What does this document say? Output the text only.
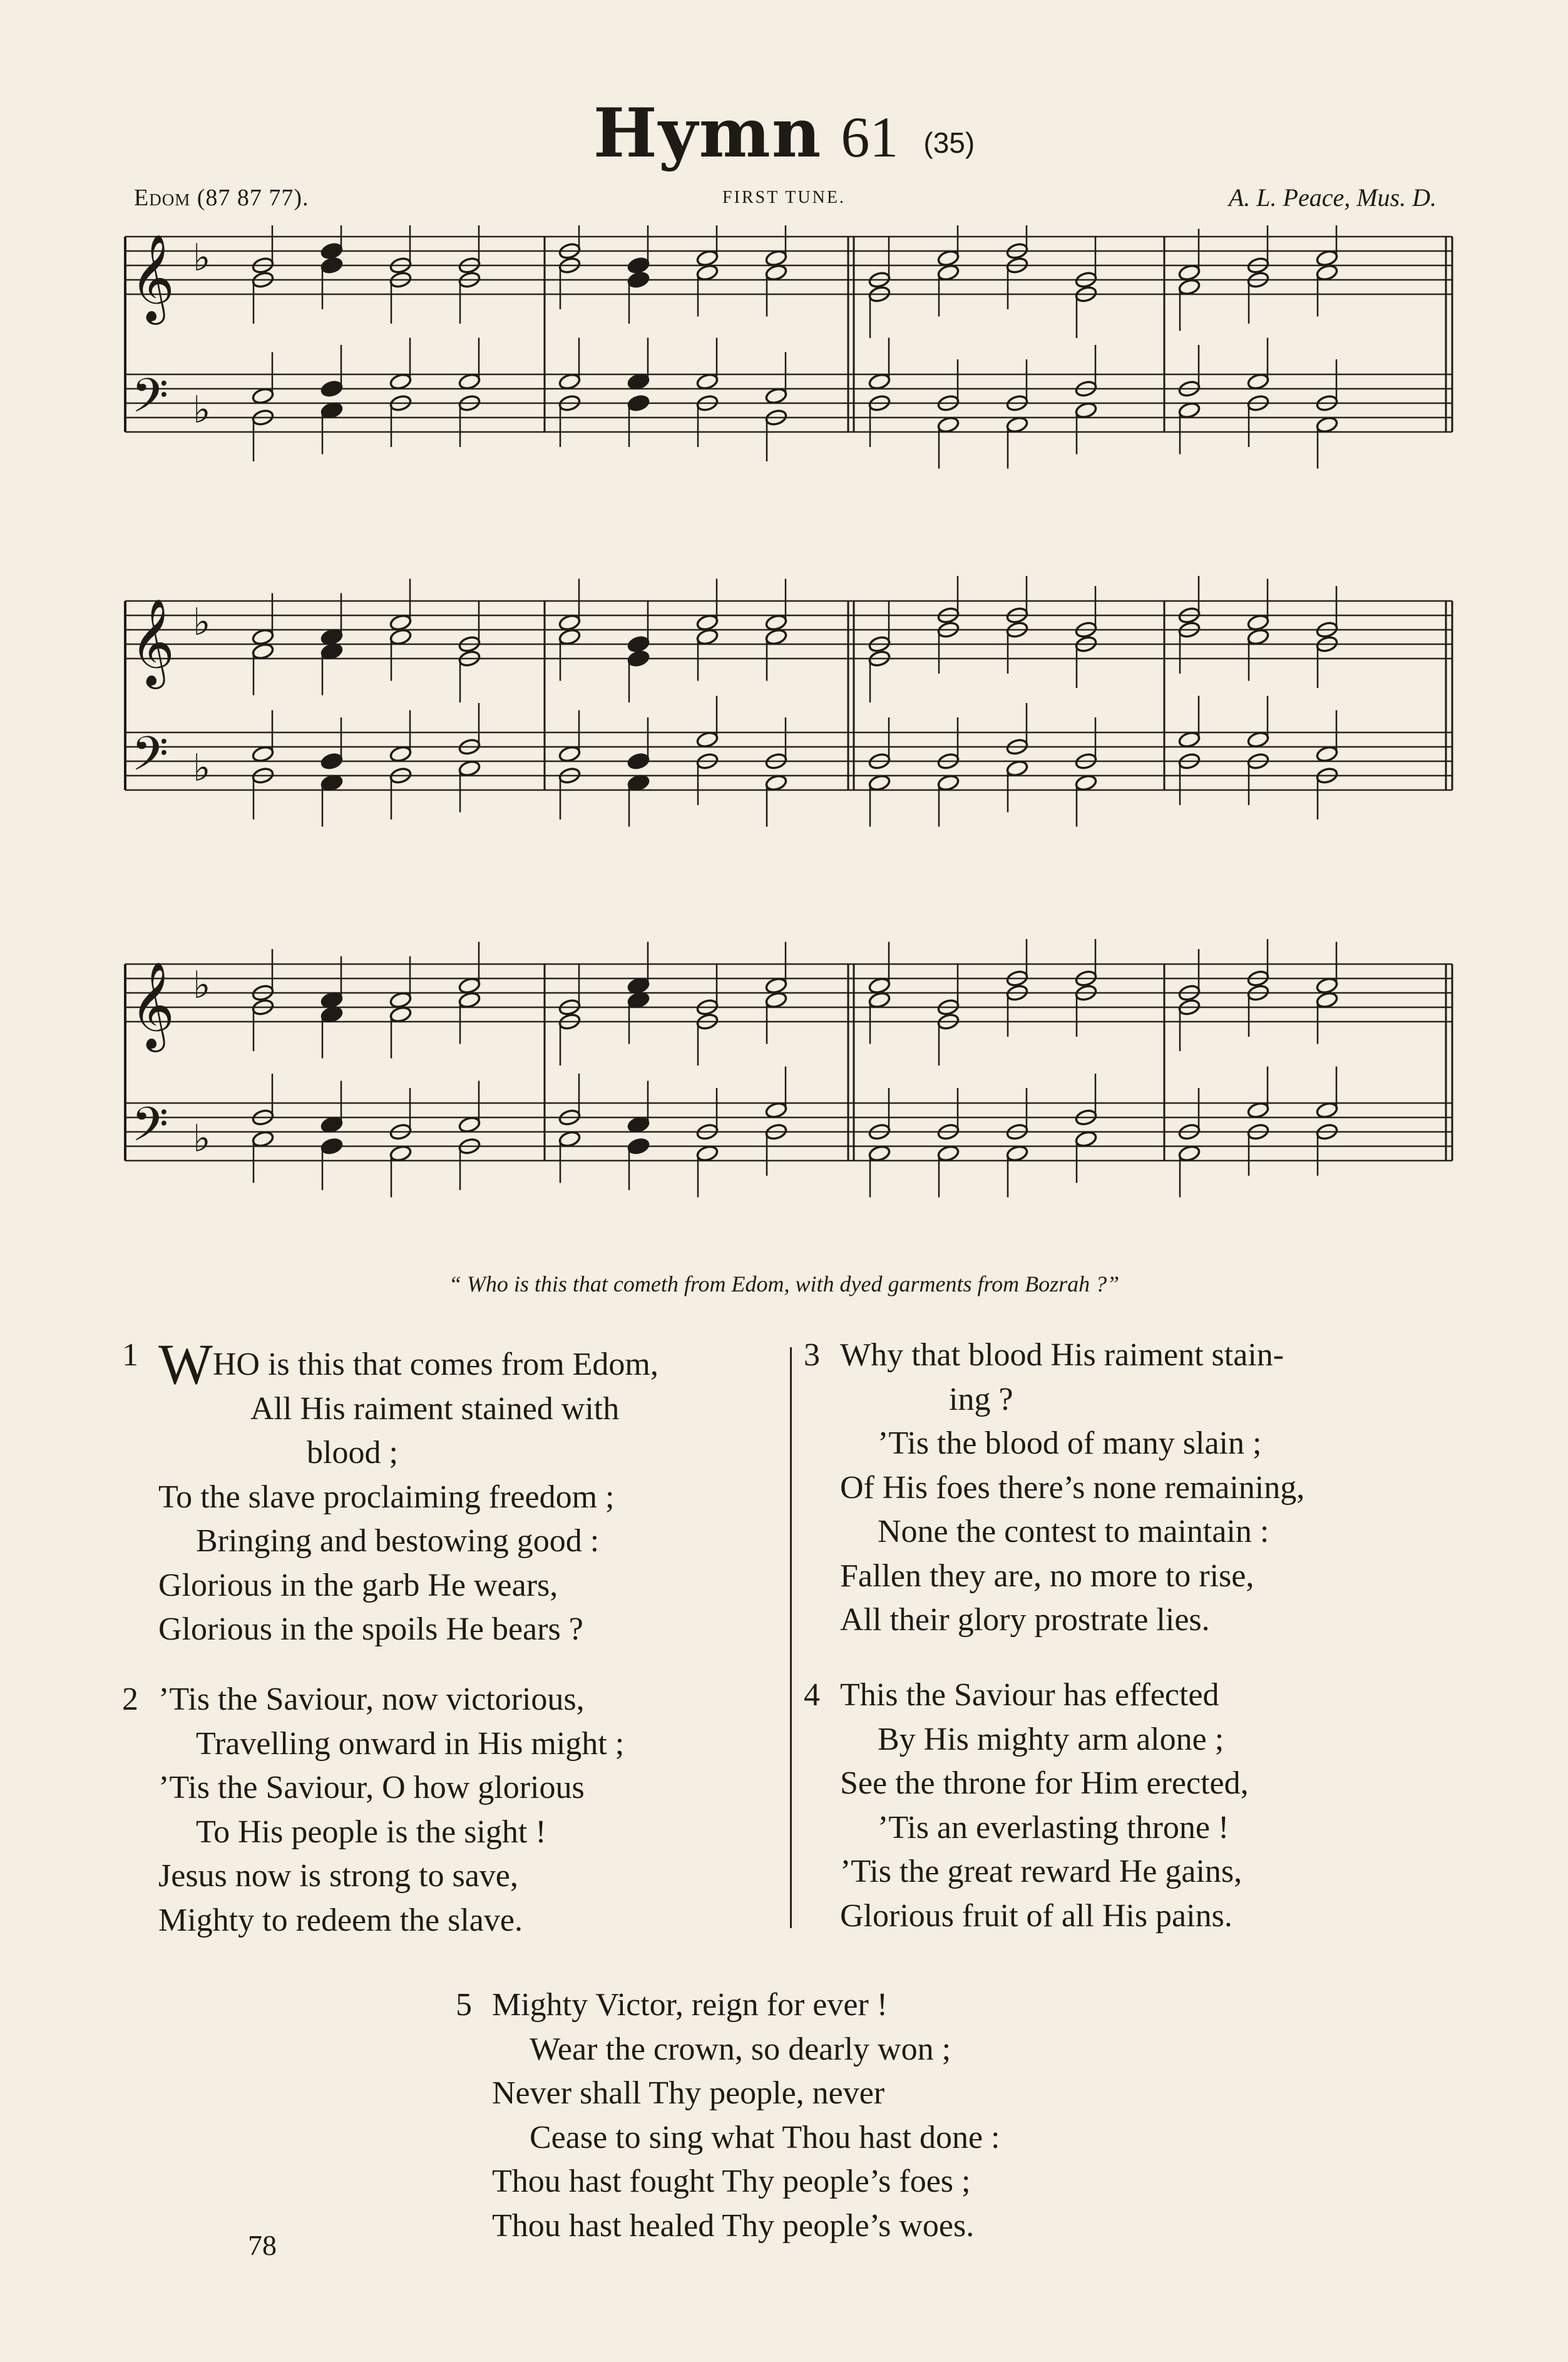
Hymn 61 (35)
Edom (87 87 77).	FIRST TUNE.	A. L. Peace, Mus. D.
𝄞
𝄢
♭
♭
𝄞
𝄢
♭
♭
𝄞
𝄢
♭
♭
“ Who is this that cometh from Edom, with dyed garments from Bozrah ?”
1 WHO is this that comes from Edom,
All His raiment stained with
blood ;
To the slave proclaiming freedom ;
Bringing and bestowing good :
Glorious in the garb He wears,
Glorious in the spoils He bears ?
2 ’Tis the Saviour, now victorious,
Travelling onward in His might ;
’Tis the Saviour, O how glorious
To His people is the sight !
Jesus now is strong to save,
Mighty to redeem the slave.
3 Why that blood His raiment stain-
ing ?
’Tis the blood of many slain ;
Of His foes there’s none remaining,
None the contest to maintain :
Fallen they are, no more to rise,
All their glory prostrate lies.
4 This the Saviour has effected
By His mighty arm alone ;
See the throne for Him erected,
’Tis an everlasting throne !
’Tis the great reward He gains,
Glorious fruit of all His pains.
5 Mighty Victor, reign for ever !
Wear the crown, so dearly won ;
Never shall Thy people, never
Cease to sing what Thou hast done :
Thou hast fought Thy people’s foes ;
Thou hast healed Thy people’s woes.
78
